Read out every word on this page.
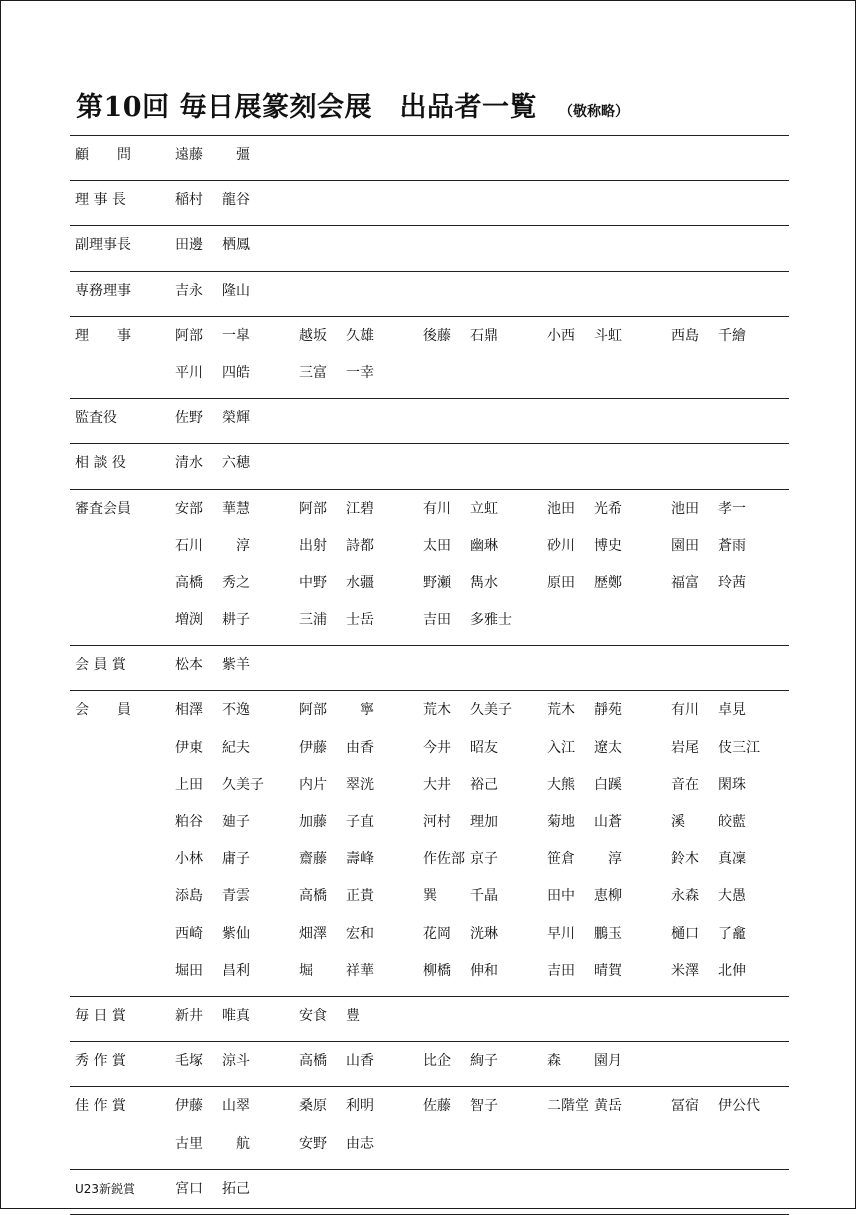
第10回 毎日展篆刻会展　出品者一覧 （敬称略）
顧　　問	遠藤　彊
理 事 長	稲村 龍谷
副理事長	田邊 栖鳳
専務理事	吉永 隆山
理　　事	阿部 一皐	越坂 久雄	後藤 石鼎	小西 斗虹	西島 千繪
平川 四皓	三富 一幸
監査役	佐野 榮輝
相 談 役	清水 六穂
審査会員	安部 華慧	阿部 江碧	有川 立虹	池田 光希	池田 孝一
石川　淳	出射 詩都	太田 幽琳	砂川 博史	園田 蒼雨
高橋 秀之	中野 水疆	野瀬 雋水	原田 歴鄭	福富 玲茜
増渕 耕子	三浦 士岳	吉田 多雅士
会 員 賞	松本 紫羊
会　　員	相澤 不逸	阿部　寧	荒木 久美子	荒木 靜苑	有川 卓見
伊東 紀夫	伊藤 由香	今井 昭友	入江 遼太	岩尾 伎三江
上田 久美子	内片 翠洸	大井 裕己	大熊 白蹊	音在 閑珠
粕谷 廸子	加藤 子直	河村 理加	菊地 山蒼	溪 皎藍
小林 庸子	齋藤 壽峰	作佐部 京子	笹倉　淳	鈴木 真凜
添島 青雲	高橋 正貴	巽 千晶	田中 恵柳	永森 大愚
西崎 紫仙	畑澤 宏和	花岡 洸琳	早川 鵬玉	樋口 了龕
堀田 昌利	堀 祥華	柳橋 伸和	吉田 晴賀	米澤 北伸
毎 日 賞	新井 唯真	安食 豊
秀 作 賞	毛塚 涼斗	高橋 山香	比企 絢子	森 園月
佳 作 賞	伊藤 山翠	桑原 利明	佐藤 智子	二階堂 黄岳	冨宿 伊公代
古里　航	安野 由志
U23新鋭賞	宮口 拓己
